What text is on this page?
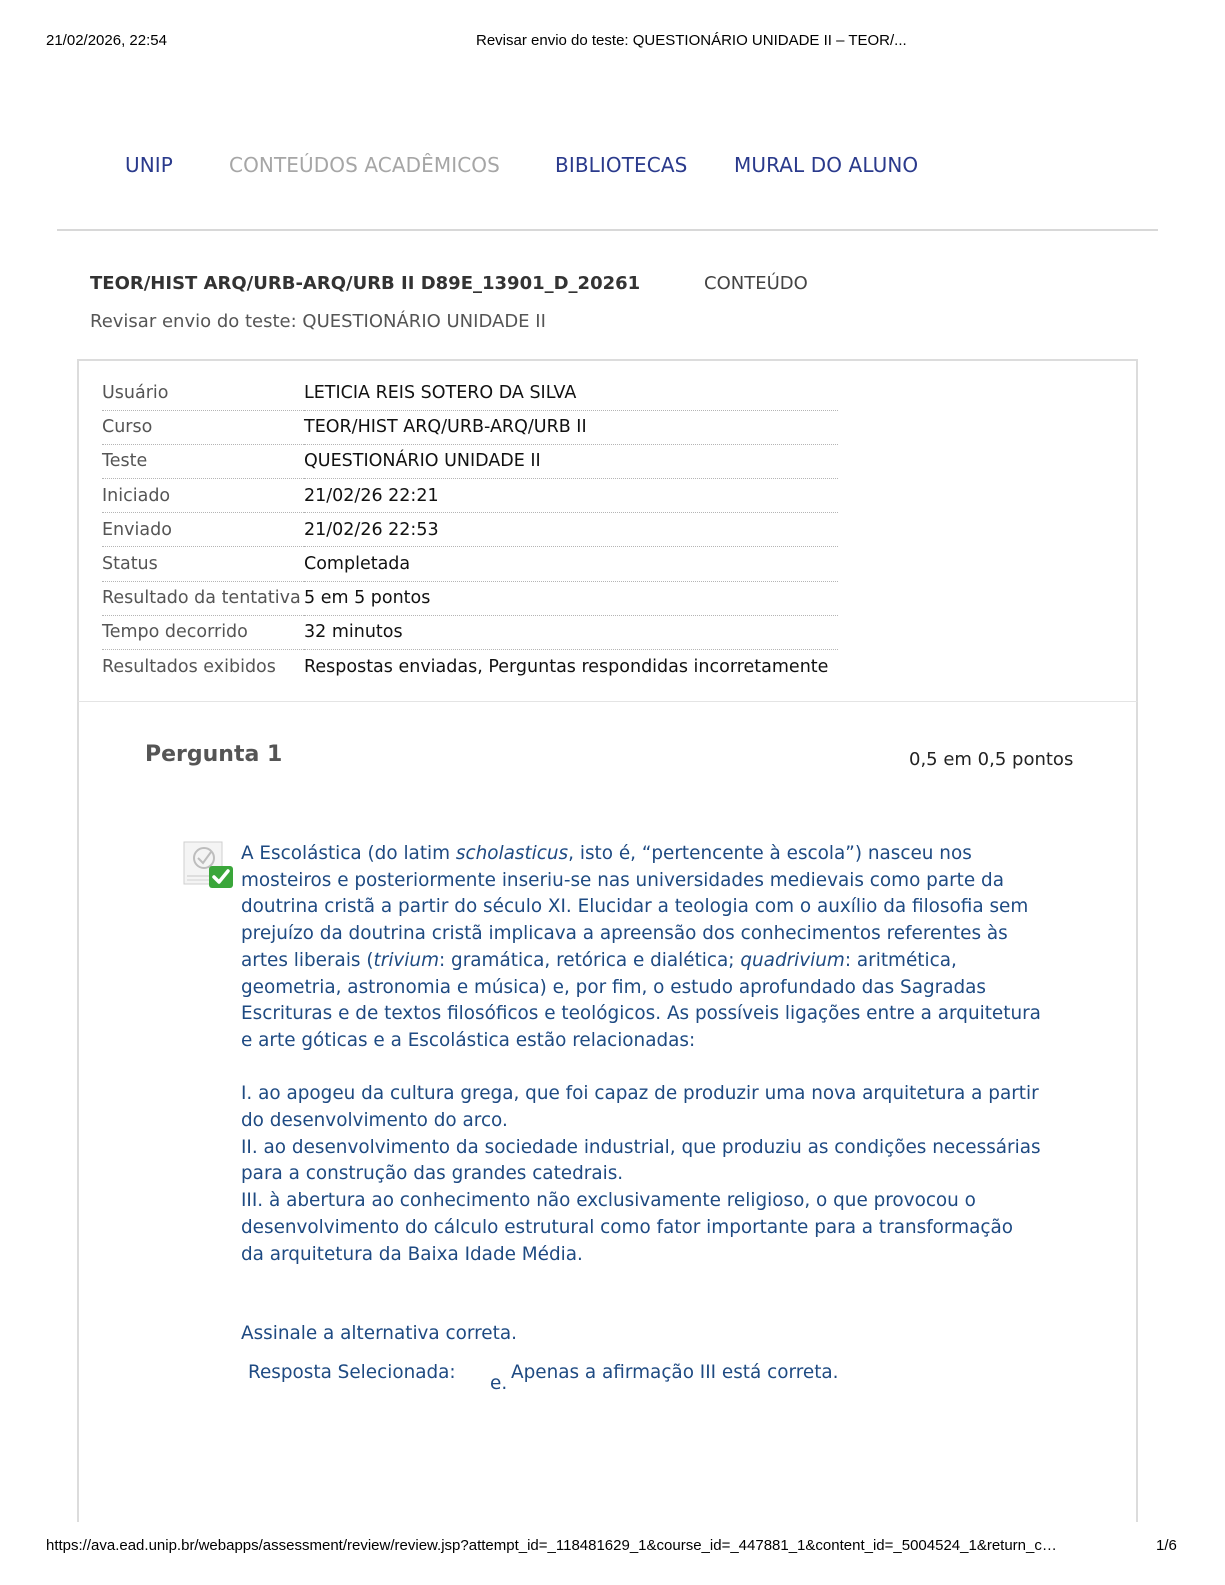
21/02/2026, 22:54	Revisar envio do teste: QUESTIONÁRIO UNIDADE II – TEOR/...
UNIP	CONTEÚDOS ACADÊMICOS	BIBLIOTECAS MURAL DO ALUNO
TEOR/HIST ARQ/URB-ARQ/URB II D89E_13901_D_20261	CONTEÚDO
Revisar envio do teste: QUESTIONÁRIO UNIDADE II
Usuário	LETICIA REIS SOTERO DA SILVA
Curso	TEOR/HIST ARQ/URB-ARQ/URB II
Teste	QUESTIONÁRIO UNIDADE II
Iniciado	21/02/26 22:21
Enviado	21/02/26 22:53
Status	Completada
Resultado da tentativa	5 em 5 pontos
Tempo decorrido	32 minutos
Resultados exibidos	Respostas enviadas, Perguntas respondidas incorretamente
Pergunta 1	0,5 em 0,5 pontos

A Escolástica (do latim scholasticus, isto é, “pertencente à escola”) nasceu nos mosteiros e posteriormente inseriu-se nas universidades medievais como parte da doutrina cristã a partir do século XI. Elucidar a teologia com o auxílio da filosofia sem prejuízo da doutrina cristã implicava a apreensão dos conhecimentos referentes às artes liberais (trivium: gramática, retórica e dialética; quadrivium: aritmética, geometria, astronomia e música) e, por fim, o estudo aprofundado das Sagradas Escrituras e de textos filosóficos e teológicos. As possíveis ligações entre a arquitetura e arte góticas e a Escolástica estão relacionadas:

I. ao apogeu da cultura grega, que foi capaz de produzir uma nova arquitetura a partir do desenvolvimento do arco.

II. ao desenvolvimento da sociedade industrial, que produziu as condições necessárias para a construção das grandes catedrais.

III. à abertura ao conhecimento não exclusivamente religioso, o que provocou o desenvolvimento do cálculo estrutural como fator importante para a transformação da arquitetura da Baixa Idade Média.

Assinale a alternativa correta.

Resposta Selecionada:
e.
Apenas a afirmação III está correta.
https://ava.ead.unip.br/webapps/assessment/review/review.jsp?attempt_id=_118481629_1&course_id=_447881_1&content_id=_5004524_1&return_c…	1/6
